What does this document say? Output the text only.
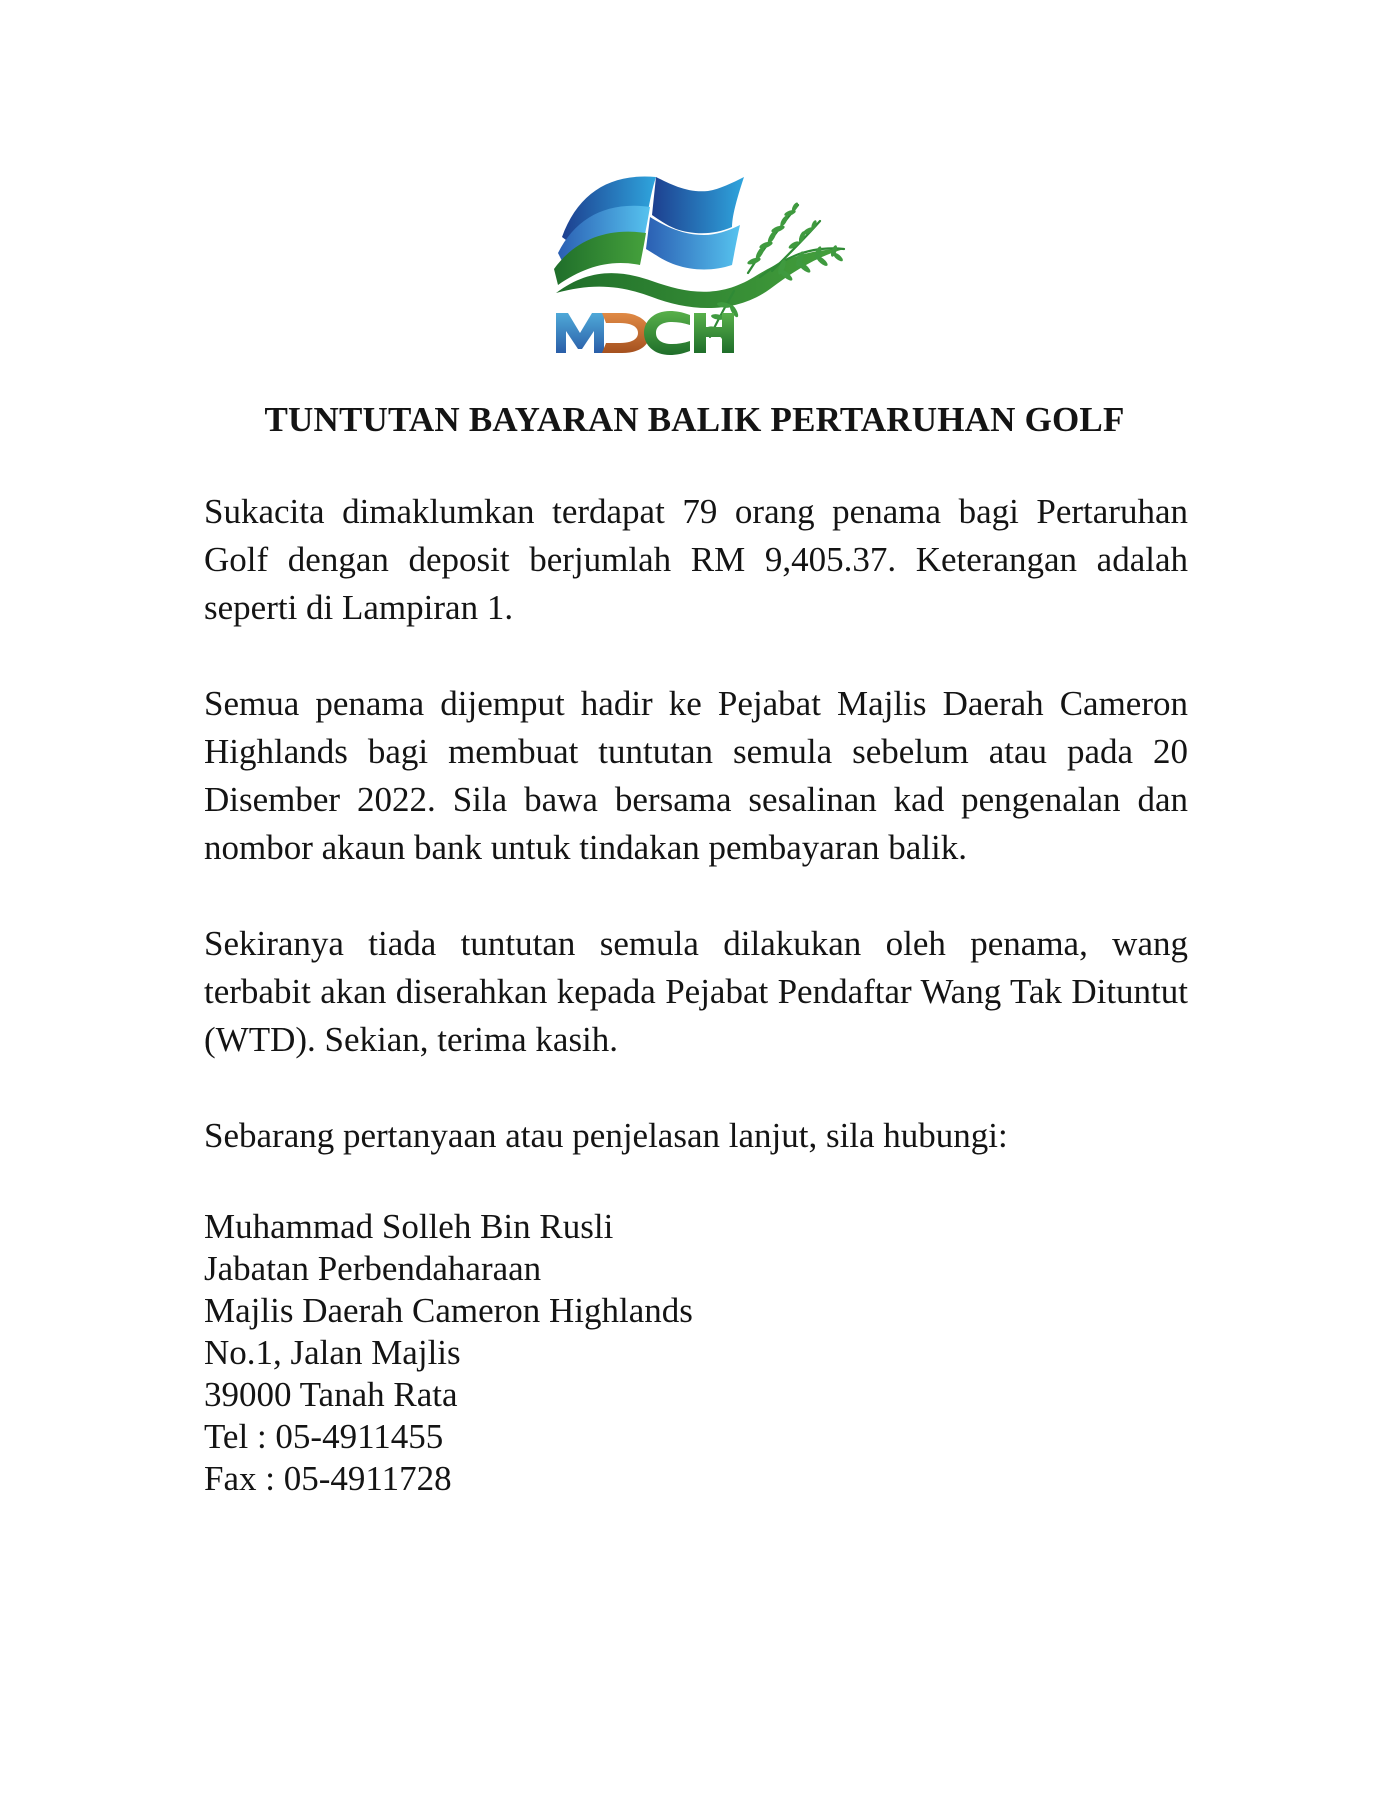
TUNTUTAN BAYARAN BALIK PERTARUHAN GOLF

Sukacita dimaklumkan terdapat 79 orang penama bagi Pertaruhan Golf dengan deposit berjumlah RM 9,405.37. Keterangan adalah seperti di Lampiran 1.

Semua penama dijemput hadir ke Pejabat Majlis Daerah Cameron Highlands bagi membuat tuntutan semula sebelum atau pada 20 Disember 2022. Sila bawa bersama sesalinan kad pengenalan dan nombor akaun bank untuk tindakan pembayaran balik.

Sekiranya tiada tuntutan semula dilakukan oleh penama, wang terbabit akan diserahkan kepada Pejabat Pendaftar Wang Tak Dituntut (WTD). Sekian, terima kasih.

Sebarang pertanyaan atau penjelasan lanjut, sila hubungi:

Muhammad Solleh Bin Rusli
Jabatan Perbendaharaan
Majlis Daerah Cameron Highlands
No.1, Jalan Majlis
39000 Tanah Rata
Tel : 05-4911455
Fax : 05-4911728
